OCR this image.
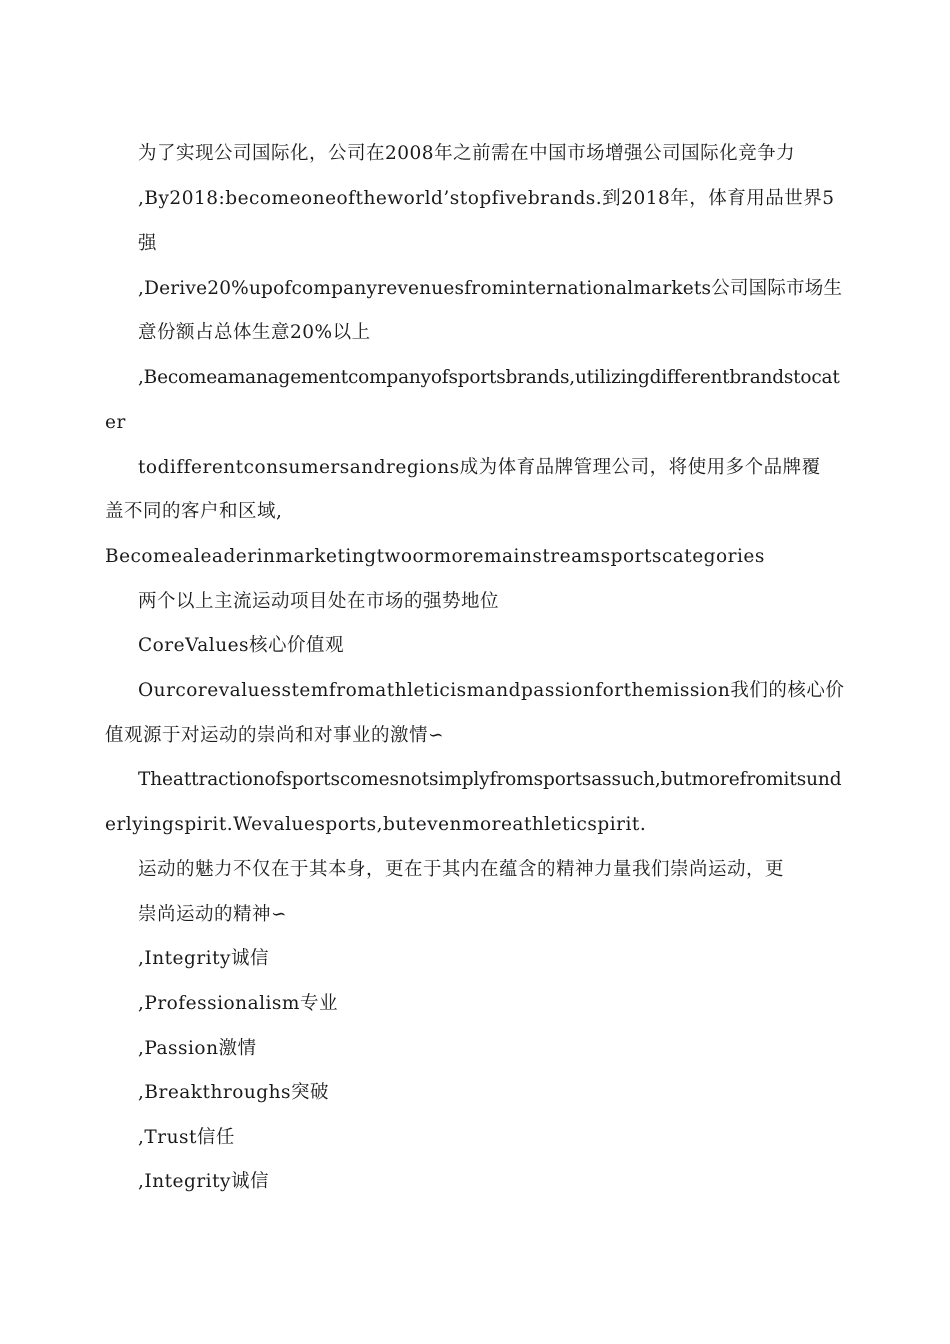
为了实现公司国际化，公司在2008年之前需在中国市场增强公司国际化竞争力
,By2018:becomeoneoftheworld’stopfivebrands.到2018年，体育用品世界5
强
,Derive20%upofcompanyrevenuesfrominternationalmarkets公司国际市场生
意份额占总体生意20%以上
,Becomeamanagementcompanyofsportsbrands,utilizingdifferentbrandstocat
er
todifferentconsumersandregions成为体育品牌管理公司，将使用多个品牌覆
盖不同的客户和区域,
Becomealeaderinmarketingtwoormoremainstreamsportscategories
两个以上主流运动项目处在市场的强势地位
CoreValues核心价值观
Ourcorevaluesstemfromathleticismandpassionforthemission我们的核心价
值观源于对运动的崇尚和对事业的激情∽
Theattractionofsportscomesnotsimplyfromsportsassuch,butmorefromitsund
erlyingspirit.Wevaluesports,butevenmoreathleticspirit.
运动的魅力不仅在于其本身，更在于其内在蕴含的精神力量我们崇尚运动，更
崇尚运动的精神∽
,Integrity诚信
,Professionalism专业
,Passion激情
,Breakthroughs突破
,Trust信任
,Integrity诚信
